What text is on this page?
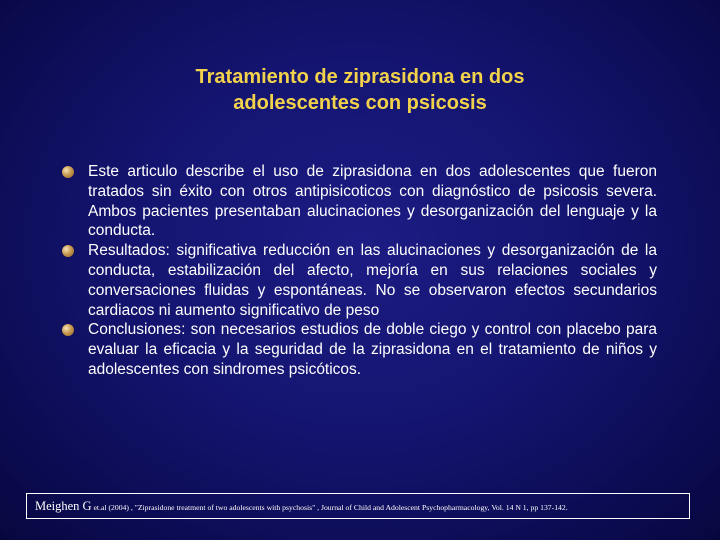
Tratamiento de ziprasidona en dos
adolescentes con psicosis
Este articulo describe el uso de ziprasidona en dos adolescentes que fueron tratados sin éxito con otros antipisicoticos con diagnóstico de psicosis severa. Ambos pacientes presentaban alucinaciones y desorganización del lenguaje y la conducta.
Resultados: significativa reducción en las alucinaciones y desorganización de la conducta, estabilización del afecto, mejoría en sus relaciones sociales y conversaciones fluidas y espontáneas. No se observaron efectos secundarios cardiacos ni aumento significativo de peso
Conclusiones: son necesarios estudios de doble ciego y control con placebo para evaluar la eficacia y la seguridad de la ziprasidona en el tratamiento de niños y adolescentes con sindromes psicóticos.
Meighen G et.al (2004) , "Ziprasidone treatment of two adolescents with psychosis" , Journal of Child and Adolescent Psychopharmacology, Vol. 14 N 1, pp 137-142.
